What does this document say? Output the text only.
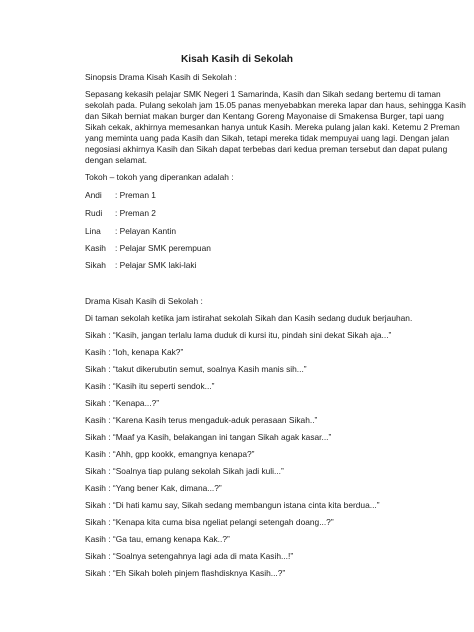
Kisah Kasih di Sekolah

Sinopsis Drama Kisah Kasih di Sekolah :

Sepasang kekasih pelajar SMK Negeri 1 Samarinda, Kasih dan Sikah sedang bertemu di taman

sekolah pada. Pulang sekolah jam 15.05 panas menyebabkan mereka lapar dan haus, sehingga Kasih

dan Sikah berniat makan burger dan Kentang Goreng Mayonaise di Smakensa Burger, tapi uang

Sikah cekak, akhirnya memesankan hanya untuk Kasih. Mereka pulang jalan kaki. Ketemu 2 Preman

yang meminta uang pada Kasih dan Sikah, tetapi mereka tidak mempuyai uang lagi. Dengan jalan

negosiasi akhirnya Kasih dan Sikah dapat terbebas dari kedua preman tersebut dan dapat pulang

dengan selamat.

Tokoh – tokoh yang diperankan adalah :

Andi : Preman 1
Rudi : Preman 2
Lina : Pelayan Kantin
Kasih : Pelajar SMK perempuan
Sikah : Pelajar SMK laki-laki

Drama Kisah Kasih di Sekolah :

Di taman sekolah ketika jam istirahat sekolah Sikah dan Kasih sedang duduk berjauhan.

Sikah : “Kasih, jangan terlalu lama duduk di kursi itu, pindah sini dekat Sikah aja...”

Kasih : “loh, kenapa Kak?”

Sikah : “takut dikerubutin semut, soalnya Kasih manis sih...”

Kasih : “Kasih itu seperti sendok...”

Sikah : “Kenapa...?”

Kasih : “Karena Kasih terus mengaduk-aduk perasaan Sikah..”

Sikah : “Maaf ya Kasih, belakangan ini tangan Sikah agak kasar...”

Kasih : “Ahh, gpp kookk, emangnya kenapa?”

Sikah : “Soalnya tiap pulang sekolah Sikah jadi kuli...”

Kasih : “Yang bener Kak, dimana...?”

Sikah : “Di hati kamu say, Sikah sedang membangun istana cinta kita berdua...”

Sikah : “Kenapa kita cuma bisa ngeliat pelangi setengah doang...?”

Kasih : “Ga tau, emang kenapa Kak..?”

Sikah : “Soalnya setengahnya lagi ada di mata Kasih...!”

Sikah : “Eh Sikah boleh pinjem flashdisknya Kasih...?”
